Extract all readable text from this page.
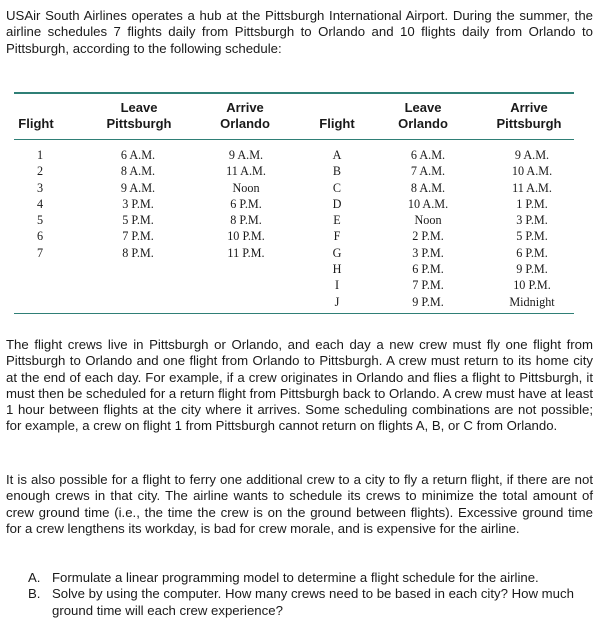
USAir South Airlines operates a hub at the Pittsburgh International Airport. During the summer, the airline schedules 7 flights daily from Pittsburgh to Orlando and 10 flights daily from Orlando to Pittsburgh, according to the following schedule:

Flight
Leave
Pittsburgh
Arrive
Orlando	Flight
Leave
Orlando
Arrive
Pittsburgh
1
2
3
4
5
6
7
6 A.M.
8 A.M.
9 A.M.
3 P.M.
5 P.M.
7 P.M.
8 P.M.
9 A.M.
11 A.M.
Noon
6 P.M.
8 P.M.
10 P.M.
11 P.M.
A
B
C
D
E
F
G
H
I
J
6 A.M.
7 A.M.
8 A.M.
10 A.M.
Noon
2 P.M.
3 P.M.
6 P.M.
7 P.M.
9 P.M.
9 A.M.
10 A.M.
11 A.M.
1 P.M.
3 P.M.
5 P.M.
6 P.M.
9 P.M.
10 P.M.
Midnight

The flight crews live in Pittsburgh or Orlando, and each day a new crew must fly one flight from Pittsburgh to Orlando and one flight from Orlando to Pittsburgh. A crew must return to its home city at the end of each day. For example, if a crew originates in Orlando and flies a flight to Pittsburgh, it must then be scheduled for a return flight from Pittsburgh back to Orlando. A crew must have at least 1 hour between flights at the city where it arrives. Some scheduling combinations are not possible; for example, a crew on flight 1 from Pittsburgh cannot return on flights A, B, or C from Orlando.

It is also possible for a flight to ferry one additional crew to a city to fly a return flight, if there are not enough crews in that city. The airline wants to schedule its crews to minimize the total amount of crew ground time (i.e., the time the crew is on the ground between flights). Excessive ground time for a crew lengthens its workday, is bad for crew morale, and is expensive for the airline.

A. Formulate a linear programming model to determine a flight schedule for the airline.

B. Solve by using the computer. How many crews need to be based in each city? How much ground time will each crew experience?
